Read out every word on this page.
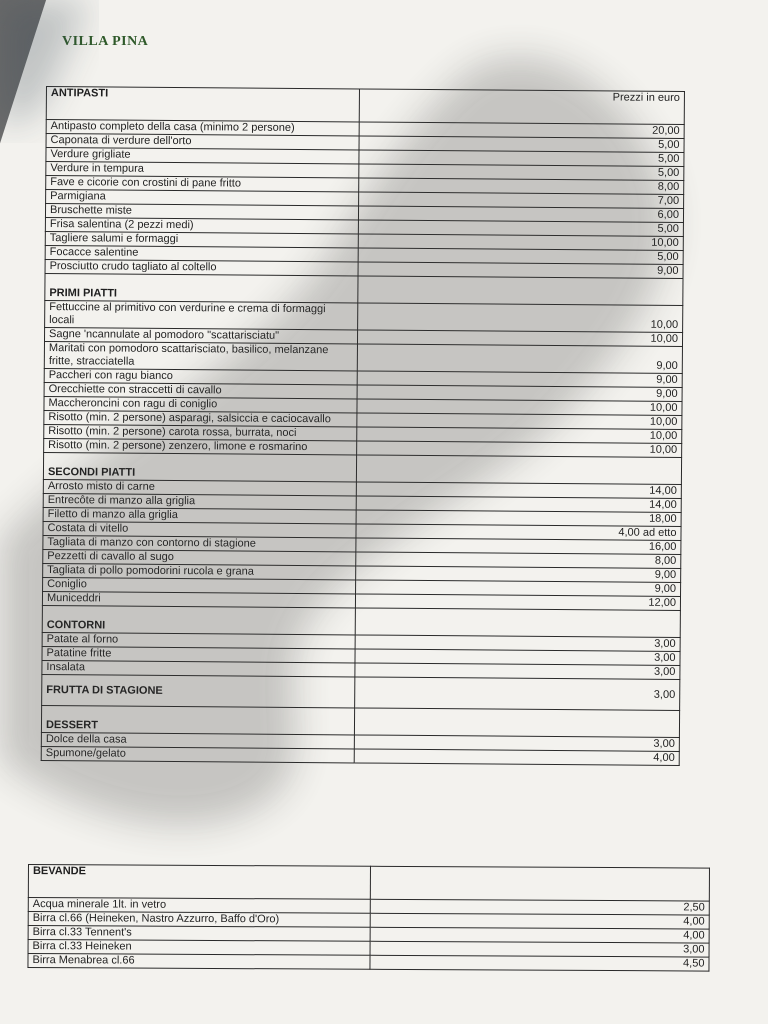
VILLA PINA
ANTIPASTI	Prezzi in euro
Antipasto completo della casa (minimo 2 persone)	20,00
Caponata di verdure dell'orto	5,00
Verdure grigliate	5,00
Verdure in tempura	5,00
Fave e cicorie con crostini di pane fritto	8,00
Parmigiana	7,00
Bruschette miste	6,00
Frisa salentina (2 pezzi medi)	5,00
Tagliere salumi e formaggi	10,00
Focacce salentine	5,00
Prosciutto crudo tagliato al coltello	9,00
PRIMI PIATTI	
Fettuccine al primitivo con verdurine e crema di formaggi locali	10,00
Sagne 'ncannulate al pomodoro "scattarisciatu"	10,00
Maritati con pomodoro scattarisciato, basilico, melanzane fritte, stracciatella	9,00
Paccheri con ragu bianco	9,00
Orecchiette con straccetti di cavallo	9,00
Maccheroncini con ragu di coniglio	10,00
Risotto (min. 2 persone) asparagi, salsiccia e caciocavallo	10,00
Risotto (min. 2 persone) carota rossa, burrata, noci	10,00
Risotto (min. 2 persone) zenzero, limone e rosmarino	10,00
SECONDI PIATTI	
Arrosto misto di carne	14,00
Entrecôte di manzo alla griglia	14,00
Filetto di manzo alla griglia	18,00
Costata di vitello	4,00 ad etto
Tagliata di manzo con contorno di stagione	16,00
Pezzetti di cavallo al sugo	8,00
Tagliata di pollo pomodorini rucola e grana	9,00
Coniglio	9,00
Municeddri	12,00
CONTORNI	
Patate al forno	3,00
Patatine fritte	3,00
Insalata	3,00
FRUTTA DI STAGIONE	3,00
DESSERT	
Dolce della casa	3,00
Spumone/gelato	4,00
BEVANDE	
Acqua minerale 1lt. in vetro	2,50
Birra cl.66 (Heineken, Nastro Azzurro, Baffo d'Oro)	4,00
Birra cl.33 Tennent's	4,00
Birra cl.33 Heineken	3,00
Birra Menabrea cl.66	4,50
